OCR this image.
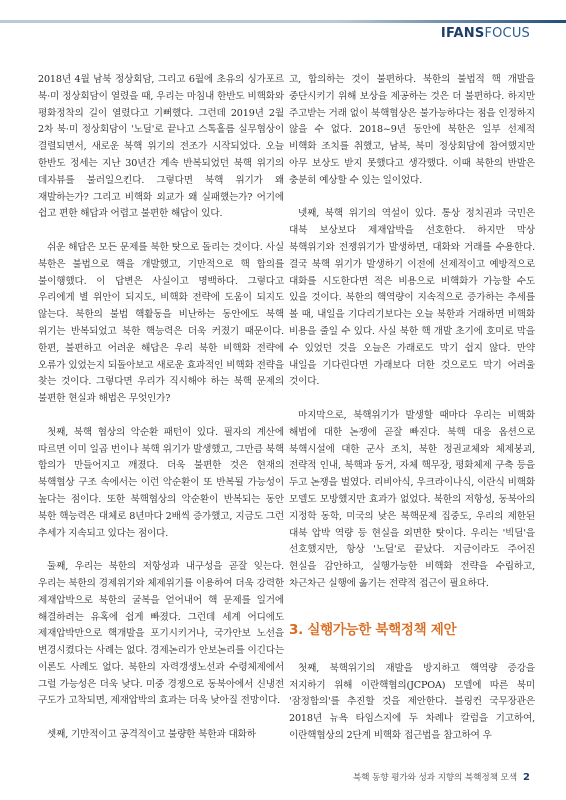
IFANSFOCUS

2018년 4월 남북 정상회담, 그리고 6월에 초유의 싱가포르 북·미 정상회담이 열렸을 때, 우리는 마침내 한반도 비핵화와 평화정착의 길이 열렸다고 기뻐했다. 그런데 2019년 2월 2차 북·미 정상회담이 '노딜'로 끝나고 스톡홀름 실무협상이 결렬되면서, 새로운 북핵 위기의 전조가 시작되었다. 오늘 한반도 정세는 지난 30년간 계속 반복되었던 북핵 위기의 데자뷰를 불러일으킨다. 그렇다면 북핵 위기가 왜 재발하는가? 그리고 비핵화 외교가 왜 실패했는가? 어기에 쉽고 편한 해답과 어렵고 불편한 해답이 있다.

쉬운 해답은 모든 문제를 북한 탓으로 돌리는 것이다. 사실 북한은 불법으로 핵을 개발했고, 기만적으로 핵 합의를 불이행했다. 이 답변은 사실이고 명백하다. 그렇다고 우리에게 별 위안이 되지도, 비핵화 전략에 도움이 되지도 않는다. 북한의 불법 핵활동을 비난하는 동안에도 북핵 위기는 반복되었고 북한 핵능력은 더욱 커졌기 때문이다. 한편, 불편하고 어려운 해답은 우리 북한 비핵화 전략에 오류가 있었는지 되돌아보고 새로운 효과적인 비핵화 전략을 찾는 것이다. 그렇다면 우리가 직시해야 하는 북핵 문제의 불편한 현실과 해법은 무엇인가?

첫째, 북핵 협상의 악순환 패턴이 있다. 필자의 계산에 따르면 이미 일곱 번이나 북핵 위기가 발생했고, 그만큼 북핵 합의가 만들어지고 깨졌다. 더욱 불편한 것은 현재의 북핵협상 구조 속에서는 이런 악순환이 또 반복될 가능성이 높다는 점이다. 또한 북핵협상의 악순환이 반복되는 동안 북한 핵능력은 대체로 8년마다 2배씩 증가했고, 지금도 그런 추세가 지속되고 있다는 점이다.

둘째, 우리는 북한의 저항성과 내구성을 곧잘 잊는다. 우리는 북한의 경제위기와 체제위기를 이용하여 더욱 강력한 제재압박으로 북한의 굴복을 얻어내어 핵 문제를 일거에 해결하려는 유혹에 쉽게 빠졌다. 그런데 세계 어디에도 제재압박만으로 핵개발을 포기시키거나, 국가안보 노선을 변경시켰다는 사례는 없다. 경제논리가 안보논리를 이긴다는 이론도 사례도 없다. 북한의 자력갱생노선과 수령체제에서 그럴 가능성은 더욱 낮다. 미중 경쟁으로 동북아에서 신냉전 구도가 고착되면, 제재압박의 효과는 더욱 낮아질 전망이다.

셋째, 기만적이고 공격적이고 불량한 북한과 대화하

고, 합의하는 것이 불편하다. 북한의 불법적 핵 개발을 중단시키기 위해 보상을 제공하는 것은 더 불편하다. 하지만 주고받는 거래 없이 북핵협상은 불가능하다는 점을 인정하지 않을 수 없다. 2018~9년 동안에 북한은 일부 선제적 비핵화 조치를 취했고, 남북, 북미 정상회담에 참여했지만 아무 보상도 받지 못했다고 생각했다. 이때 북한의 반발은 충분히 예상할 수 있는 일이었다.

넷째, 북핵 위기의 역설이 있다. 통상 정치권과 국민은 대북 보상보다 제재압박을 선호한다. 하지만 막상 북핵위기와 전쟁위기가 발생하면, 대화와 거래를 수용한다. 결국 북핵 위기가 발생하기 이전에 선제적이고 예방적으로 대화를 시도한다면 적은 비용으로 비핵화가 가능할 수도 있을 것이다. 북한의 핵역량이 지속적으로 증가하는 추세를 볼 때, 내일을 기다리기보다는 오늘 북한과 거래하면 비핵화 비용을 줄일 수 있다. 사실 북한 핵 개발 초기에 호미로 막을 수 있었던 것을 오늘은 가래로도 막기 쉽지 않다. 만약 내일을 기다린다면 가래보다 더한 것으로도 막기 어려울 것이다.

마지막으로, 북핵위기가 발생할 때마다 우리는 비핵화 해법에 대한 논쟁에 곧잘 빠진다. 북핵 대응 옵션으로 북핵시설에 대한 군사 조치, 북한 정권교체와 체제붕괴, 전략적 인내, 북핵과 동거, 자체 핵무장, 평화체제 구축 등을 두고 논쟁을 벌였다. 리비아식, 우크라이나식, 이란식 비핵화 모델도 모방했지만 효과가 없었다. 북한의 저항성, 동북아의 지정학 동학, 미국의 낮은 북핵문제 집중도, 우리의 제한된 대북 압박 역량 등 현실을 외면한 탓이다. 우리는 '빅딜'을 선호했지만, 항상 '노딜'로 끝났다. 지금이라도 주어진 현실을 감안하고, 실행가능한 비핵화 전략을 수립하고, 차근차근 실행에 옮기는 전략적 접근이 필요하다.

3. 실행가능한 북핵정책 제안

첫째, 북핵위기의 재발을 방지하고 핵역량 증강을 저지하기 위해 이란핵협의(JCPOA) 모델에 따른 북미 '잠정합의'를 추진할 것을 제안한다. 블링컨 국무장관은 2018년 뉴욕 타임스지에 두 차례나 칼럼을 기고하여, 이란핵협상의 2단계 비핵화 접근법을 참고하여 우

북핵 동향 평가와 성과 지향의 북핵정책 모색 2
